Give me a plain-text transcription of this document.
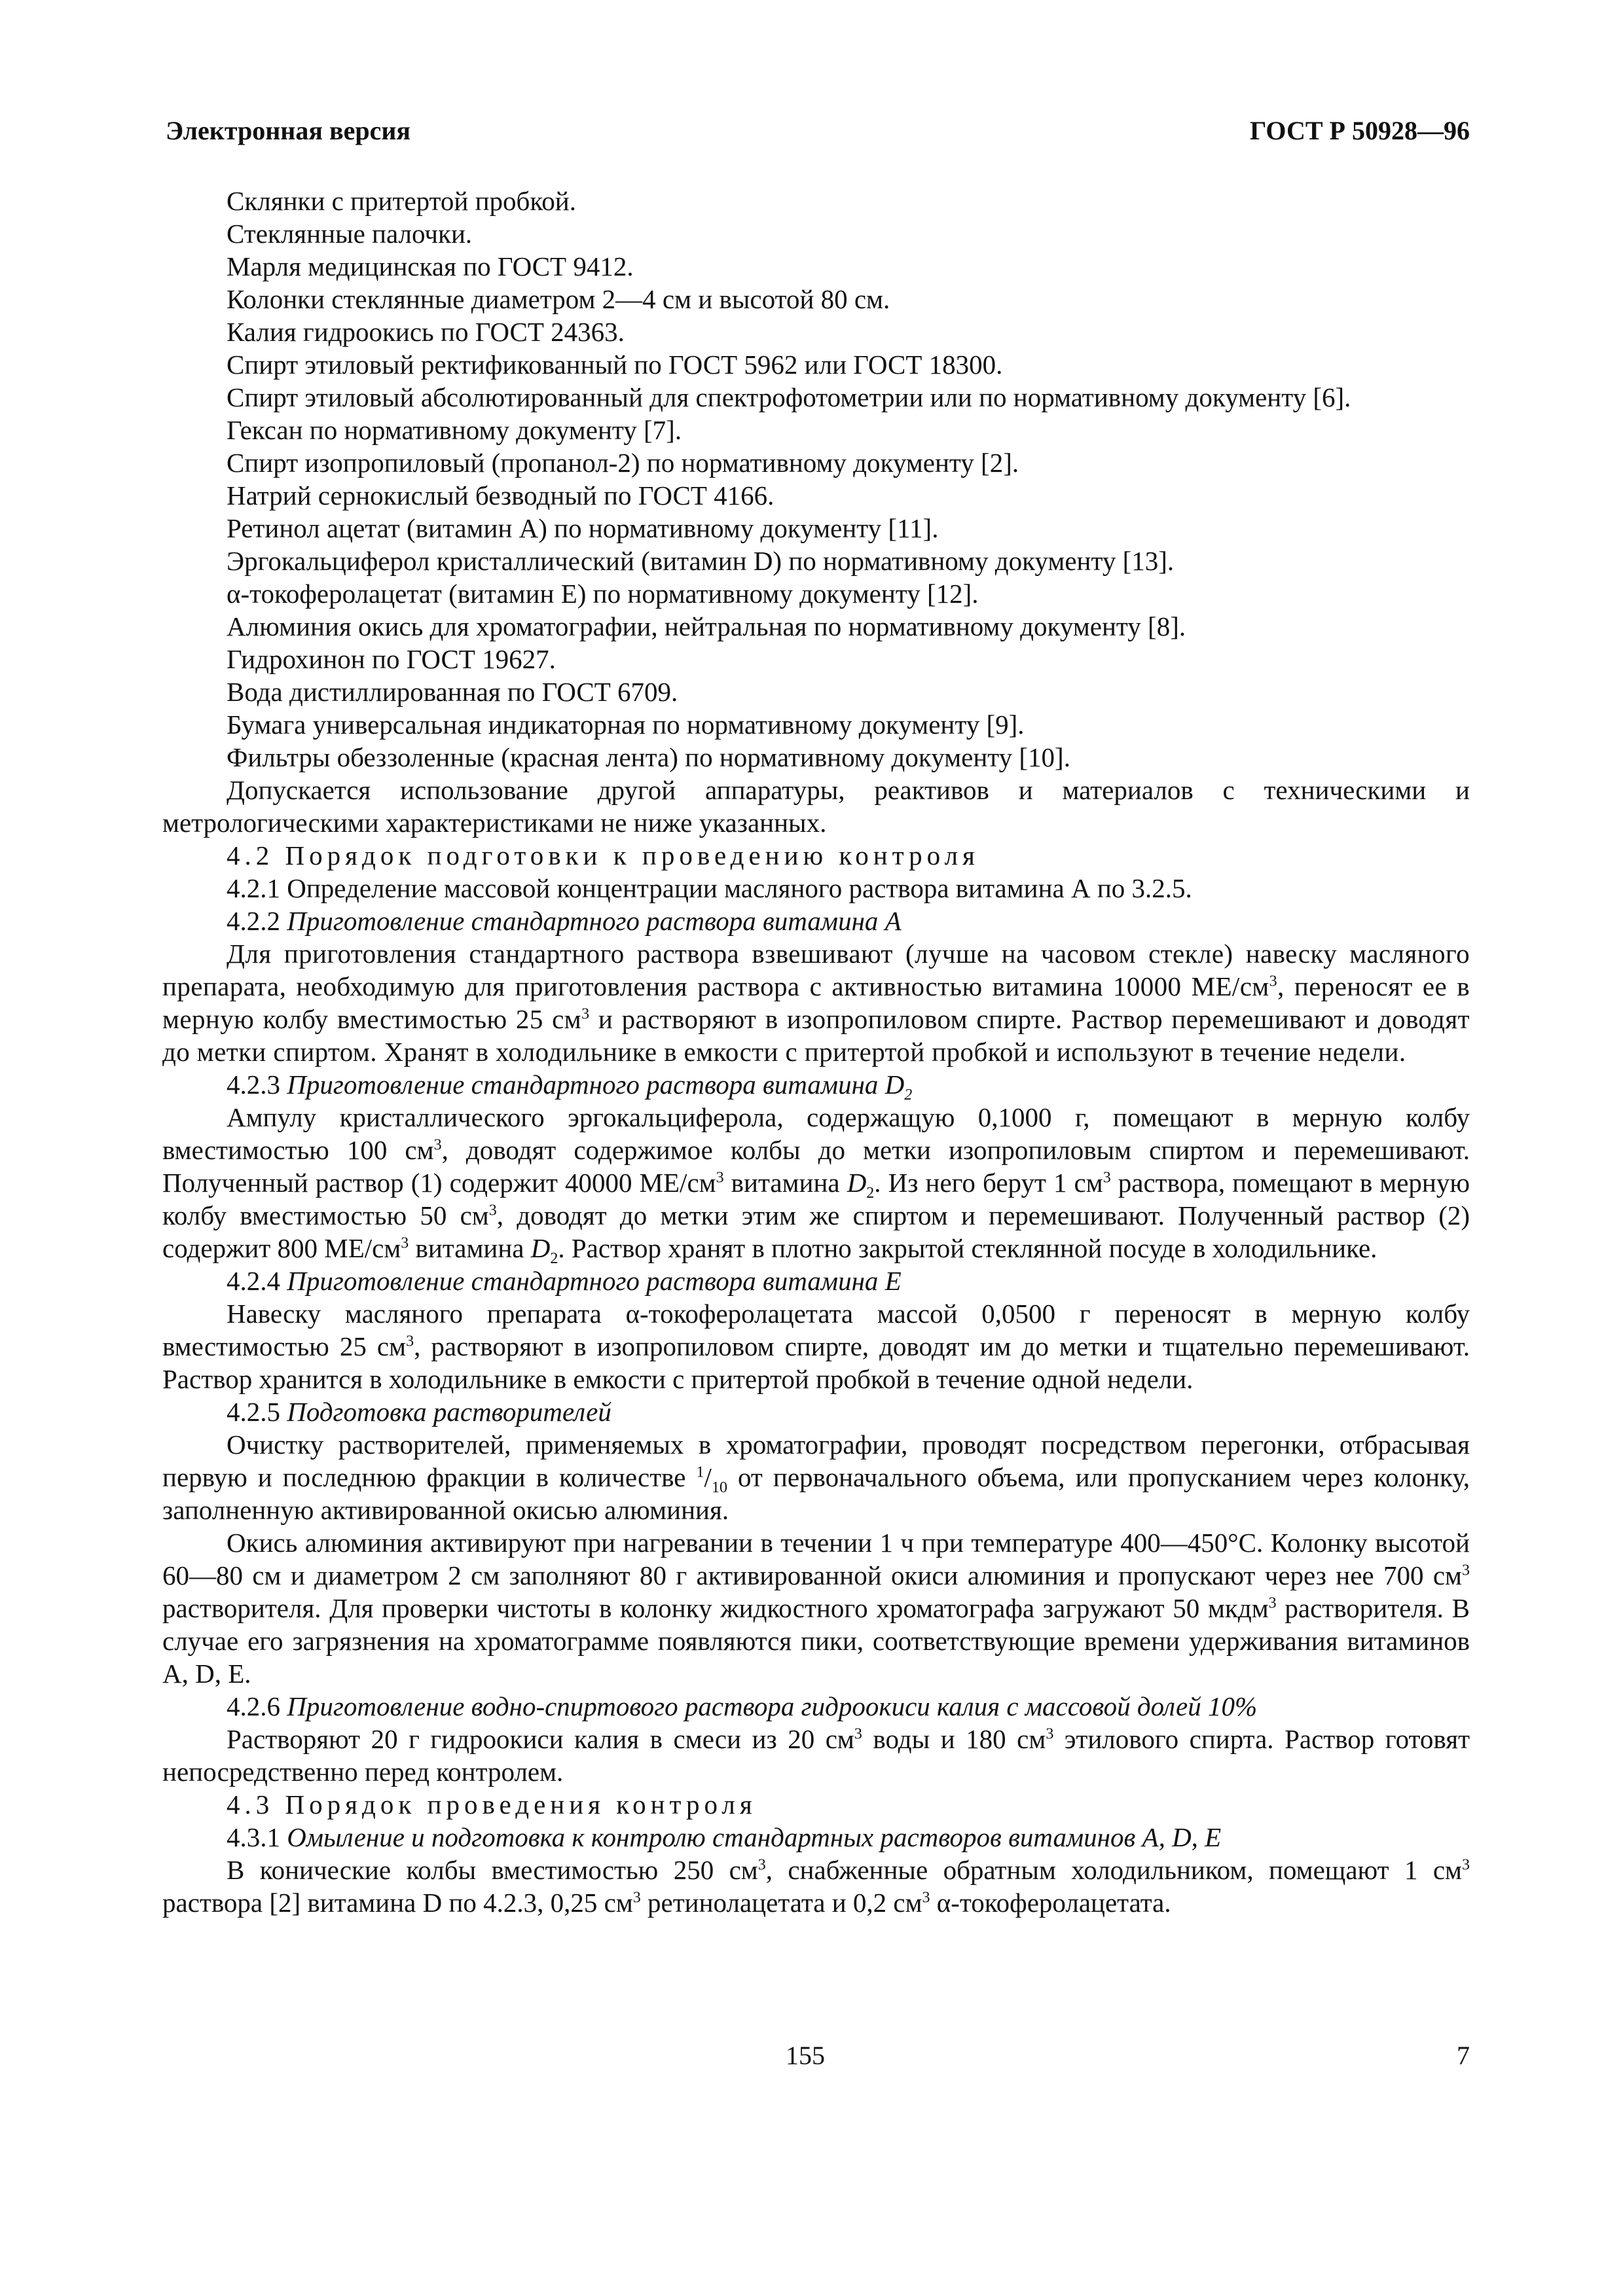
Электронная версия	ГОСТ Р 50928—96

Склянки с притертой пробкой.

Стеклянные палочки.

Марля медицинская по ГОСТ 9412.

Колонки стеклянные диаметром 2—4 см и высотой 80 см.

Калия гидроокись по ГОСТ 24363.

Спирт этиловый ректификованный по ГОСТ 5962 или ГОСТ 18300.

Спирт этиловый абсолютированный для спектрофотометрии или по нормативному документу [6].

Гексан по нормативному документу [7].

Спирт изопропиловый (пропанол-2) по нормативному документу [2].

Натрий сернокислый безводный по ГОСТ 4166.

Ретинол ацетат (витамин А) по нормативному документу [11].

Эргокальциферол кристаллический (витамин D) по нормативному документу [13].

α-токоферолацетат (витамин Е) по нормативному документу [12].

Алюминия окись для хроматографии, нейтральная по нормативному документу [8].

Гидрохинон по ГОСТ 19627.

Вода дистиллированная по ГОСТ 6709.

Бумага универсальная индикаторная по нормативному документу [9].

Фильтры обеззоленные (красная лента) по нормативному документу [10].

Допускается использование другой аппаратуры, реактивов и материалов с техническими и метрологическими характеристиками не ниже указанных.

4.2 Порядок подготовки к проведению контроля

4.2.1 Определение массовой концентрации масляного раствора витамина А по 3.2.5.

4.2.2 Приготовление стандартного раствора витамина А

Для приготовления стандартного раствора взвешивают (лучше на часовом стекле) навеску масляного препарата, необходимую для приготовления раствора с активностью витамина 10000 $МЕ/см^3$, переносят ее в мерную колбу вместимостью 25 $см^3$ и растворяют в изопропиловом спирте. Раствор перемешивают и доводят до метки спиртом. Хранят в холодильнике в емкости с притертой пробкой и используют в течение недели.

4.2.3 Приготовление стандартного раствора витамина $D_2$

Ампулу кристаллического эргокальциферола, содержащую 0,1000 г, помещают в мерную колбу вместимостью 100 $см^3$, доводят содержимое колбы до метки изопропиловым спиртом и перемешивают. Полученный раствор (1) содержит 40000 $МЕ/см^3$ витамина $D_2$. Из него берут 1 $см^3$ раствора, помещают в мерную колбу вместимостью 50 $см^3$, доводят до метки этим же спиртом и перемешивают. Полученный раствор (2) содержит 800 $МЕ/см^3$ витамина $D_2$. Раствор хранят в плотно закрытой стеклянной посуде в холодильнике.

4.2.4 Приготовление стандартного раствора витамина Е

Навеску масляного препарата α-токоферолацетата массой 0,0500 г переносят в мерную колбу вместимостью 25 $см^3$, растворяют в изопропиловом спирте, доводят им до метки и тщательно перемешивают. Раствор хранится в холодильнике в емкости с притертой пробкой в течение одной недели.

4.2.5 Подготовка растворителей

Очистку растворителей, применяемых в хроматографии, проводят посредством перегонки, отбрасывая первую и последнюю фракции в количестве $^1/_{10}$ от первоначального объема, или пропусканием через колонку, заполненную активированной окисью алюминия.

Окись алюминия активируют при нагревании в течении 1 ч при температуре 400—450°С. Колонку высотой 60—80 см и диаметром 2 см заполняют 80 г активированной окиси алюминия и пропускают через нее 700 $см^3$ растворителя. Для проверки чистоты в колонку жидкостного хроматографа загружают 50 мкдм$^3$ растворителя. В случае его загрязнения на хроматограмме появляются пики, соответствующие времени удерживания витаминов А, D, Е.

4.2.6 Приготовление водно-спиртового раствора гидроокиси калия с массовой долей 10%

Растворяют 20 г гидроокиси калия в смеси из 20 $см^3$ воды и 180 $см^3$ этилового спирта. Раствор готовят непосредственно перед контролем.

4.3 Порядок проведения контроля

4.3.1 Омыление и подготовка к контролю стандартных растворов витаминов А, D, Е

В конические колбы вместимостью 250 $см^3$, снабженные обратным холодильником, помещают 1 $см^3$ раствора [2] витамина D по 4.2.3, 0,25 $см^3$ ретинолацетата и 0,2 $см^3$ α-токоферолацетата.

155	7
